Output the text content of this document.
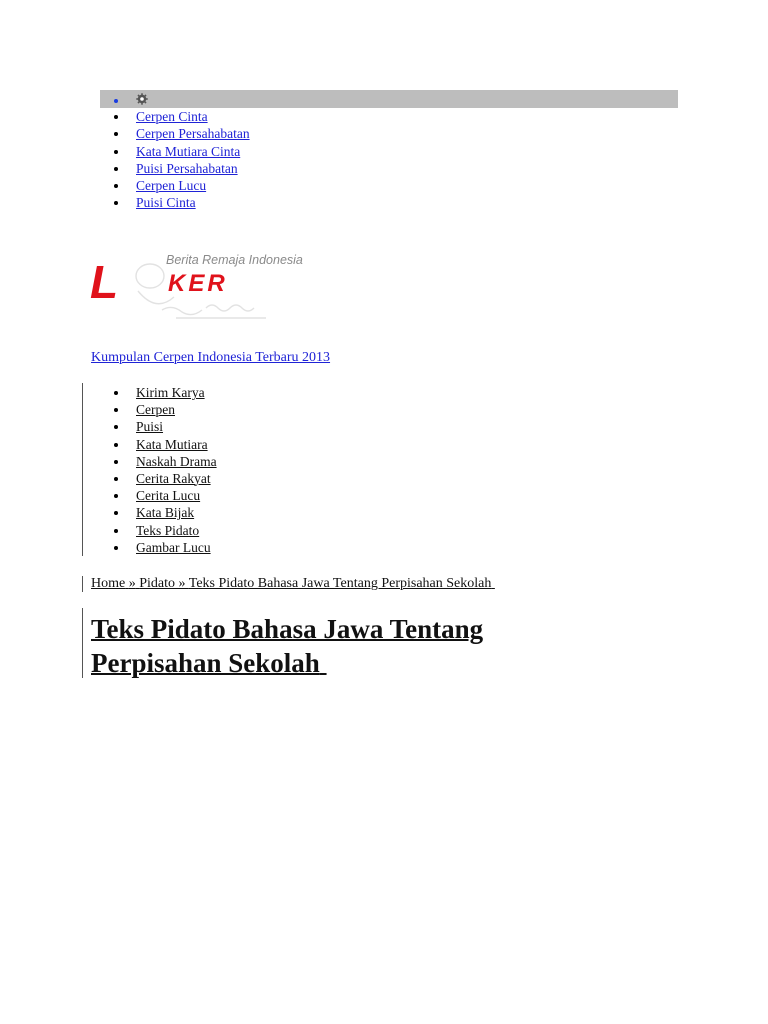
Cerpen Cinta
Cerpen Persahabatan
Kata Mutiara Cinta
Puisi Persahabatan
Cerpen Lucu
Puisi Cinta
Berita Remaja Indonesia
L KER
Kumpulan Cerpen Indonesia Terbaru 2013
Kirim Karya
Cerpen
Puisi
Kata Mutiara
Naskah Drama
Cerita Rakyat
Cerita Lucu
Kata Bijak
Teks Pidato
Gambar Lucu
Home » Pidato » Teks Pidato Bahasa Jawa Tentang Perpisahan Sekolah
Teks Pidato Bahasa Jawa Tentang Perpisahan Sekolah
